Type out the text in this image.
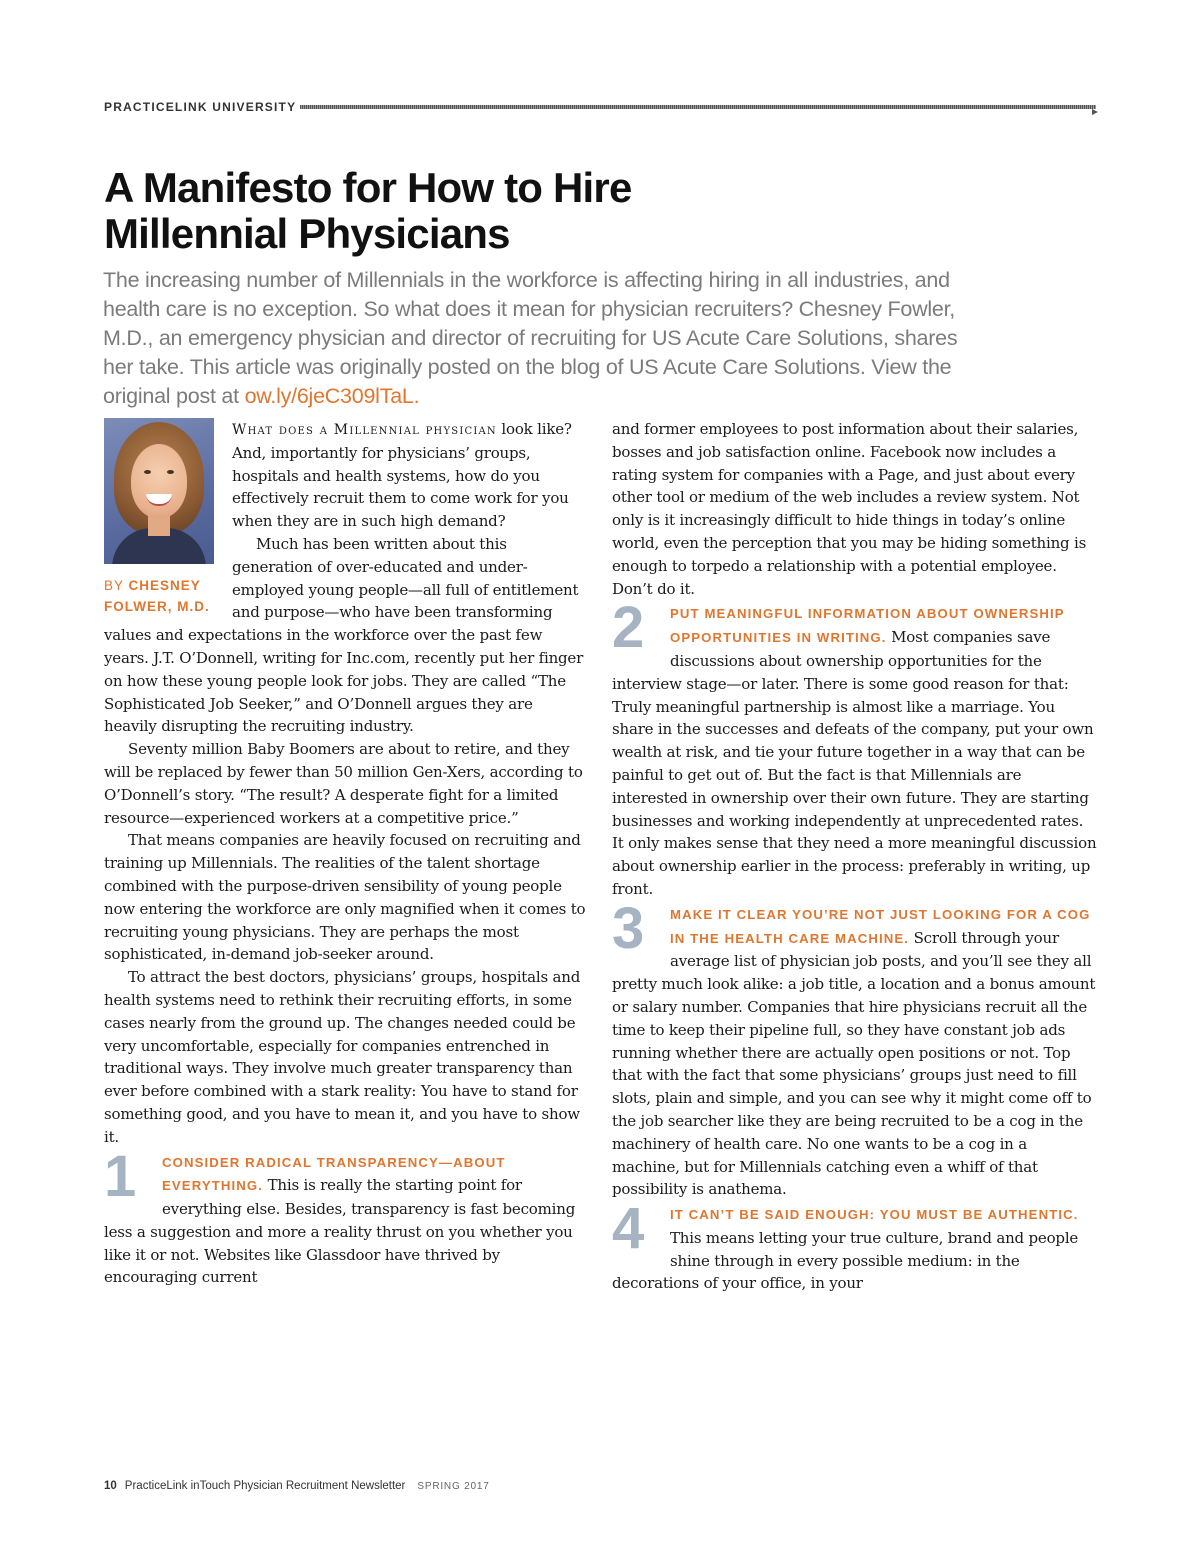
PRACTICELINK UNIVERSITY
A Manifesto for How to Hire
Millennial Physicians

The increasing number of Millennials in the workforce is affecting hiring in all industries, and health care is no exception. So what does it mean for physician recruiters? Chesney Fowler, M.D., an emergency physician and director of recruiting for US Acute Care Solutions, shares her take. This article was originally posted on the blog of US Acute Care Solutions. View the original post at ow.ly/6jeC309lTaL.

BY CHESNEY
FOLWER, M.D.

What does a Millennial physician look like? And, importantly for physicians’ groups, hospitals and health systems, how do you effectively recruit them to come work for you when they are in such high demand?

Much has been written about this generation of over-educated and under-employed young people—all full of entitlement and purpose—who have been transforming values and expectations in the workforce over the past few years. J.T. O’Donnell, writing for Inc.com, recently put her finger on how these young people look for jobs. They are called “The Sophisticated Job Seeker,” and O’Donnell argues they are heavily disrupting the recruiting industry.

Seventy million Baby Boomers are about to retire, and they will be replaced by fewer than 50 million Gen-Xers, according to O’Donnell’s story. “The result? A desperate fight for a limited resource—experienced workers at a competitive price.”

That means companies are heavily focused on recruiting and training up Millennials. The realities of the talent shortage combined with the purpose-driven sensibility of young people now entering the workforce are only magnified when it comes to recruiting young physicians. They are perhaps the most sophisticated, in-demand job-seeker around.

To attract the best doctors, physicians’ groups, hospitals and health systems need to rethink their recruiting efforts, in some cases nearly from the ground up. The changes needed could be very uncomfortable, especially for companies entrenched in traditional ways. They involve much greater transparency than ever before combined with a stark reality: You have to stand for something good, and you have to mean it, and you have to show it.

1	CONSIDER RADICAL TRANSPARENCY—ABOUT EVERYTHING. This is really the starting point for everything else. Besides, transparency is fast becoming less a suggestion and more a reality thrust on you whether you like it or not. Websites like Glassdoor have thrived by encouraging current

and former employees to post information about their salaries, bosses and job satisfaction online. Facebook now includes a rating system for companies with a Page, and just about every other tool or medium of the web includes a review system. Not only is it increasingly difficult to hide things in today’s online world, even the perception that you may be hiding something is enough to torpedo a relationship with a potential employee. Don’t do it.

2	PUT MEANINGFUL INFORMATION ABOUT OWNERSHIP OPPORTUNITIES IN WRITING. Most companies save discussions about ownership opportunities for the interview stage—or later. There is some good reason for that: Truly meaningful partnership is almost like a marriage. You share in the successes and defeats of the company, put your own wealth at risk, and tie your future together in a way that can be painful to get out of. But the fact is that Millennials are interested in ownership over their own future. They are starting businesses and working independently at unprecedented rates. It only makes sense that they need a more meaningful discussion about ownership earlier in the process: preferably in writing, up front.

3	MAKE IT CLEAR YOU’RE NOT JUST LOOKING FOR A COG IN THE HEALTH CARE MACHINE. Scroll through your average list of physician job posts, and you’ll see they all pretty much look alike: a job title, a location and a bonus amount or salary number. Companies that hire physicians recruit all the time to keep their pipeline full, so they have constant job ads running whether there are actually open positions or not. Top that with the fact that some physicians’ groups just need to fill slots, plain and simple, and you can see why it might come off to the job searcher like they are being recruited to be a cog in the machinery of health care. No one wants to be a cog in a machine, but for Millennials catching even a whiff of that possibility is anathema.

4	IT CAN’T BE SAID ENOUGH: YOU MUST BE AUTHENTIC. This means letting your true culture, brand and people shine through in every possible medium: in the decorations of your office, in your

10 PracticeLink inTouch Physician Recruitment Newsletter SPRING 2017
